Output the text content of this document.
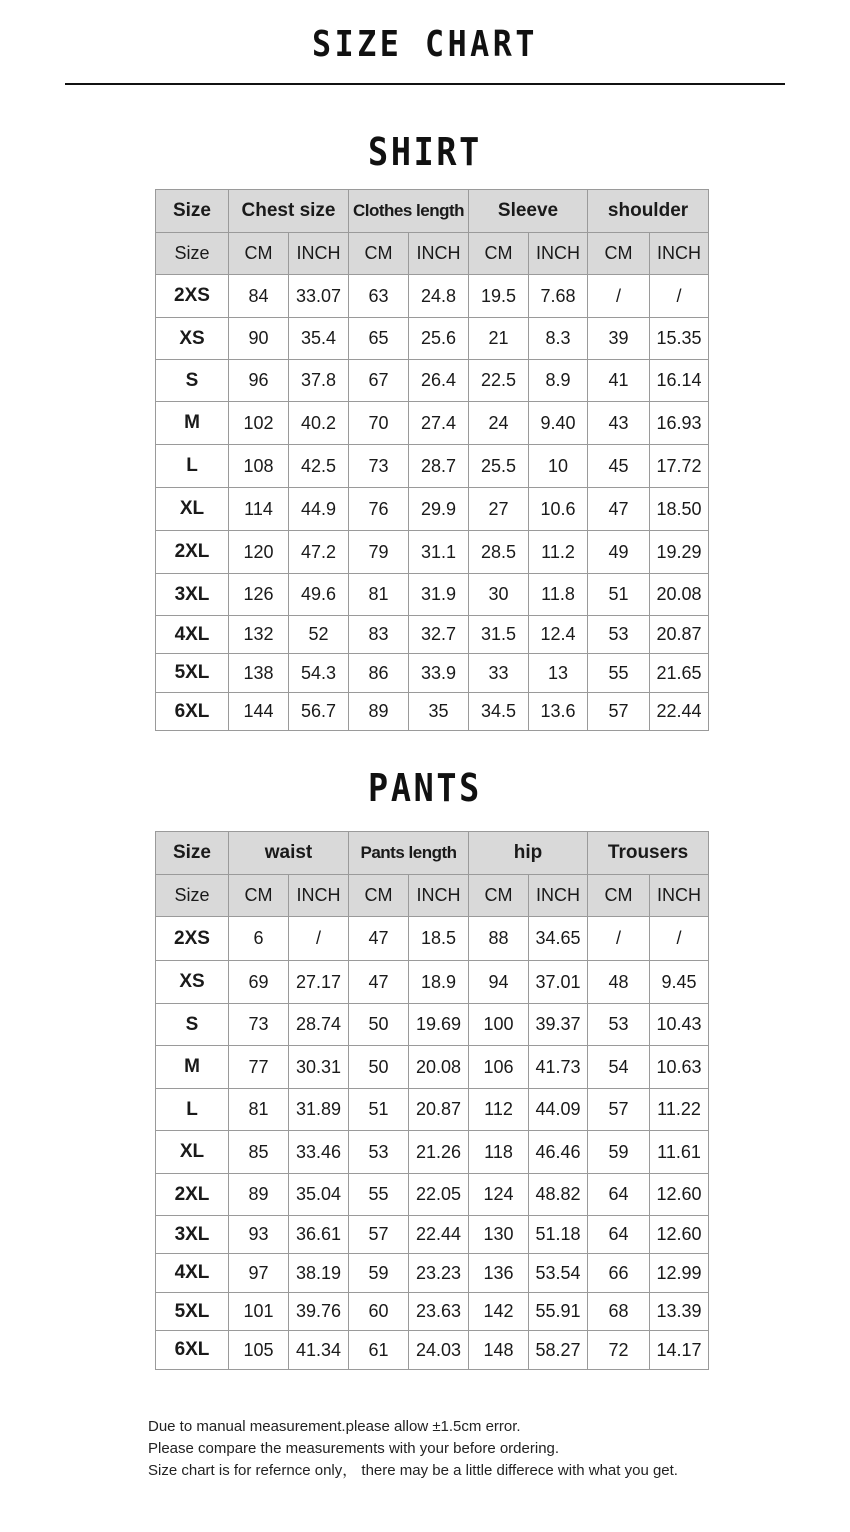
SIZE CHART
SHIRT
Size	Chest size		Clothes length		Sleeve		shoulder	
Size	CM	INCH	CM	INCH	CM	INCH	CM	INCH
2XS	84	33.07	63	24.8	19.5	7.68	/	/
XS	90	35.4	65	25.6	21	8.3	39	15.35
S	96	37.8	67	26.4	22.5	8.9	41	16.14
M	102	40.2	70	27.4	24	9.40	43	16.93
L	108	42.5	73	28.7	25.5	10	45	17.72
XL	114	44.9	76	29.9	27	10.6	47	18.50
2XL	120	47.2	79	31.1	28.5	11.2	49	19.29
3XL	126	49.6	81	31.9	30	11.8	51	20.08
4XL	132	52	83	32.7	31.5	12.4	53	20.87
5XL	138	54.3	86	33.9	33	13	55	21.65
6XL	144	56.7	89	35	34.5	13.6	57	22.44
PANTS
Size	waist		Pants length		hip		Trousers	
Size	CM	INCH	CM	INCH	CM	INCH	CM	INCH
2XS	6	/	47	18.5	88	34.65	/	/
XS	69	27.17	47	18.9	94	37.01	48	9.45
S	73	28.74	50	19.69	100	39.37	53	10.43
M	77	30.31	50	20.08	106	41.73	54	10.63
L	81	31.89	51	20.87	112	44.09	57	11.22
XL	85	33.46	53	21.26	118	46.46	59	11.61
2XL	89	35.04	55	22.05	124	48.82	64	12.60
3XL	93	36.61	57	22.44	130	51.18	64	12.60
4XL	97	38.19	59	23.23	136	53.54	66	12.99
5XL	101	39.76	60	23.63	142	55.91	68	13.39
6XL	105	41.34	61	24.03	148	58.27	72	14.17
Due to manual measurement.please allow ±1.5cm error.
Please compare the measurements with your before ordering.
Size chart is for refernce only， there may be a little differece with what you get.
